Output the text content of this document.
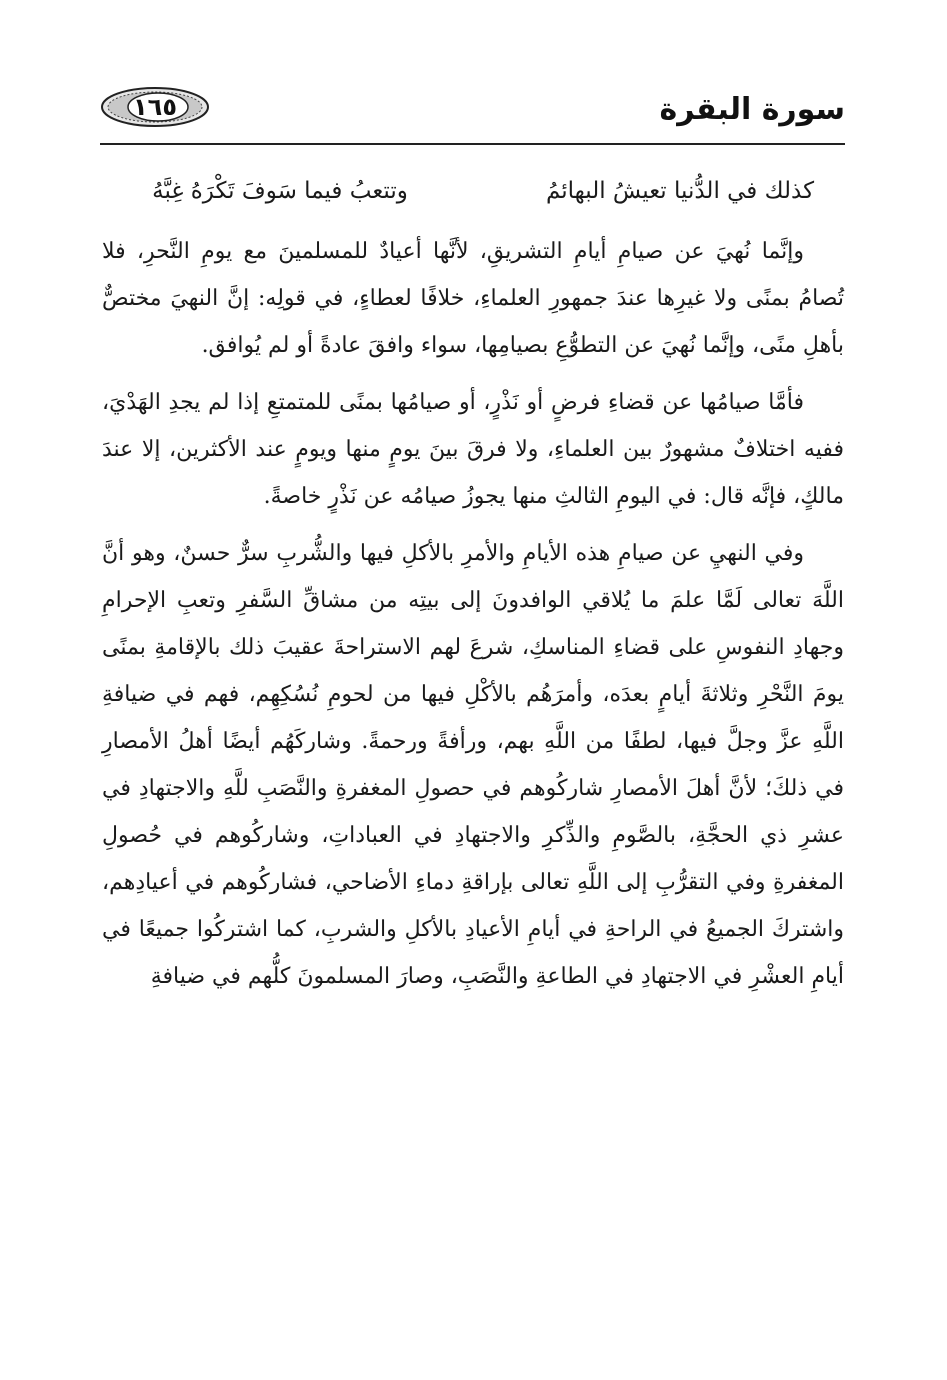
سورة البقرة
١٦٥
كذلك في الدُّنيا تعيشُ البهائمُ
وتتعبُ فيما سَوفَ تَكْرَهُ غِبَّهُ

وإنَّما نُهيَ عن صيامِ أيامِ التشريقِ، لأنَّها أعيادٌ للمسلمينَ مع يومِ النَّحرِ، فلا تُصامُ بمنًى ولا غيرِها عندَ جمهورِ العلماءِ، خلافًا لعطاءٍ، في قولِه: إنَّ النهيَ مختصٌّ بأهلِ منًى، وإنَّما نُهيَ عن التطوُّعِ بصيامِها، سواء وافقَ عادةً أو لم يُوافق.

فأمَّا صيامُها عن قضاءِ فرضٍ أو نَذْرٍ، أو صيامُها بمنًى للمتمتعِ إذا لم يجدِ الهَدْيَ، ففيه اختلافٌ مشهورٌ بين العلماءِ، ولا فرقَ بينَ يومٍ منها ويومٍ عند الأكثرين، إلا عندَ مالكٍ، فإنَّه قال: في اليومِ الثالثِ منها يجوزُ صيامُه عن نَذْرٍ خاصةً.

وفي النهيِ عن صيامِ هذه الأيامِ والأمرِ بالأكلِ فيها والشُّربِ سرٌّ حسنٌ، وهو أنَّ اللَّهَ تعالى لَمَّا علمَ ما يُلاقي الوافدونَ إلى بيتِه من مشاقِّ السَّفرِ وتعبِ الإحرامِ وجهادِ النفوسِ على قضاءِ المناسكِ، شرعَ لهم الاستراحةَ عقيبَ ذلك بالإقامةِ بمنًى يومَ النَّحْرِ وثلاثةَ أيامٍ بعدَه، وأمرَهُم بالأكْلِ فيها من لحومِ نُسُكِهِم، فهم في ضيافةِ اللَّهِ عزَّ وجلَّ فيها، لطفًا من اللَّهِ بهم، ورأفةً ورحمةً. وشاركَهُم أيضًا أهلُ الأمصارِ في ذلكَ؛ لأنَّ أهلَ الأمصارِ شاركُوهم في حصولِ المغفرةِ والنَّصَبِ للَّهِ والاجتهادِ في عشرِ ذي الحجَّةِ، بالصَّومِ والذِّكرِ والاجتهادِ في العباداتِ، وشاركُوهم في حُصولِ المغفرةِ وفي التقرُّبِ إلى اللَّهِ تعالى بإراقةِ دماءِ الأضاحي، فشاركُوهم في أعيادِهم، واشتركَ الجميعُ في الراحةِ في أيامِ الأعيادِ بالأكلِ والشربِ، كما اشتركُوا جميعًا في أيامِ العشْرِ في الاجتهادِ في الطاعةِ والنَّصَبِ، وصارَ المسلمونَ كلُّهم في ضيافةِ
